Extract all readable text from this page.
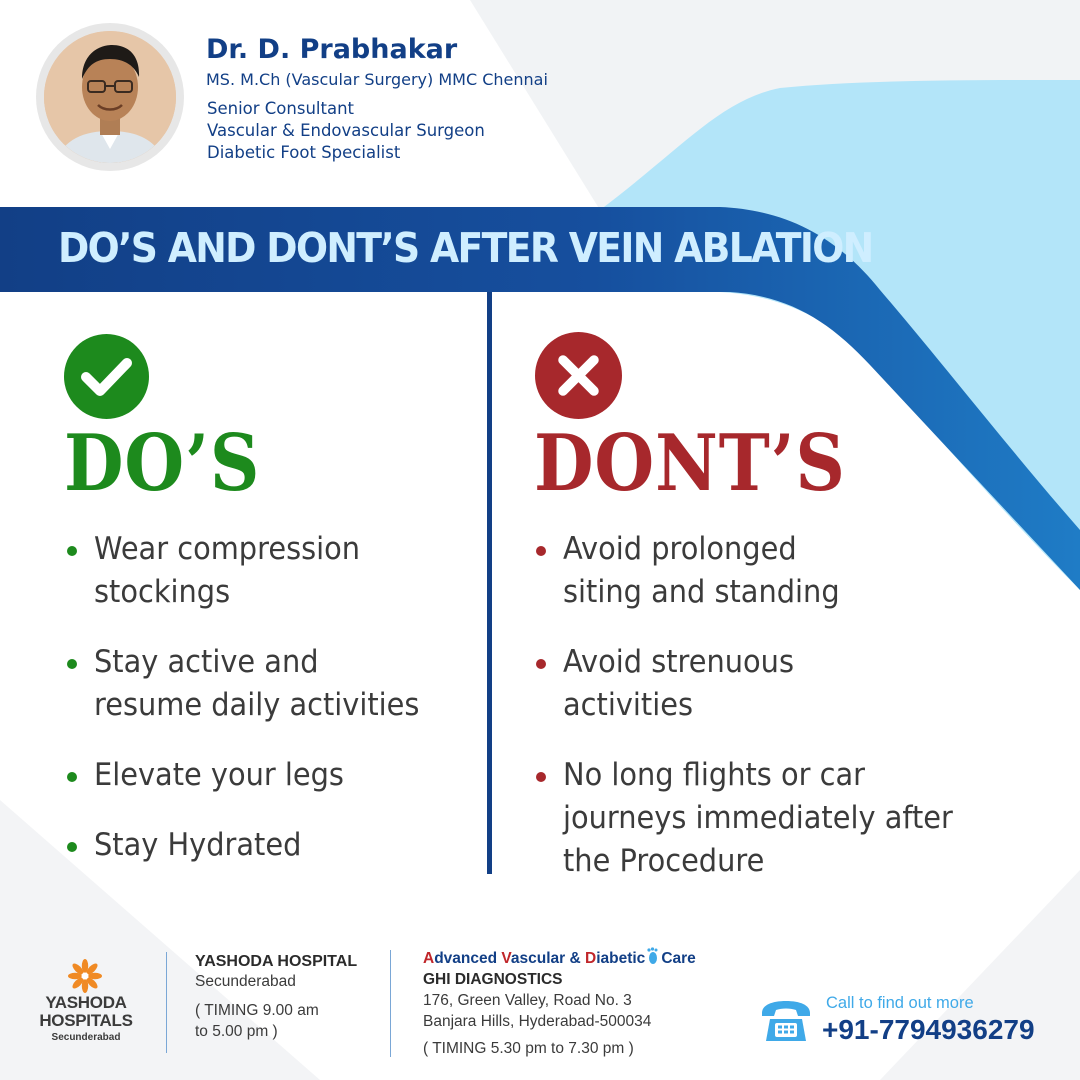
Dr. D. Prabhakar
MS. M.Ch (Vascular Surgery) MMC Chennai
Senior Consultant
Vascular & Endovascular Surgeon
Diabetic Foot Specialist
DO’S AND DONT’S AFTER VEIN ABLATION
DO’S	DONT’S
Wear compression
stockings
Stay active and
resume daily activities
Elevate your legs
Stay Hydrated
Avoid prolonged
siting and standing
Avoid strenuous
activities
No long flights or car
journeys immediately after
the Procedure
YASHODA
HOSPITALS
Secunderabad
YASHODA HOSPITAL
Secunderabad
( TIMING 9.00 am
to 5.00 pm )
Advanced Vascular & Diabetic Care
GHI DIAGNOSTICS
176, Green Valley, Road No. 3
Banjara Hills, Hyderabad-500034
( TIMING 5.30 pm to 7.30 pm )
Call to find out more
+91-7794936279
